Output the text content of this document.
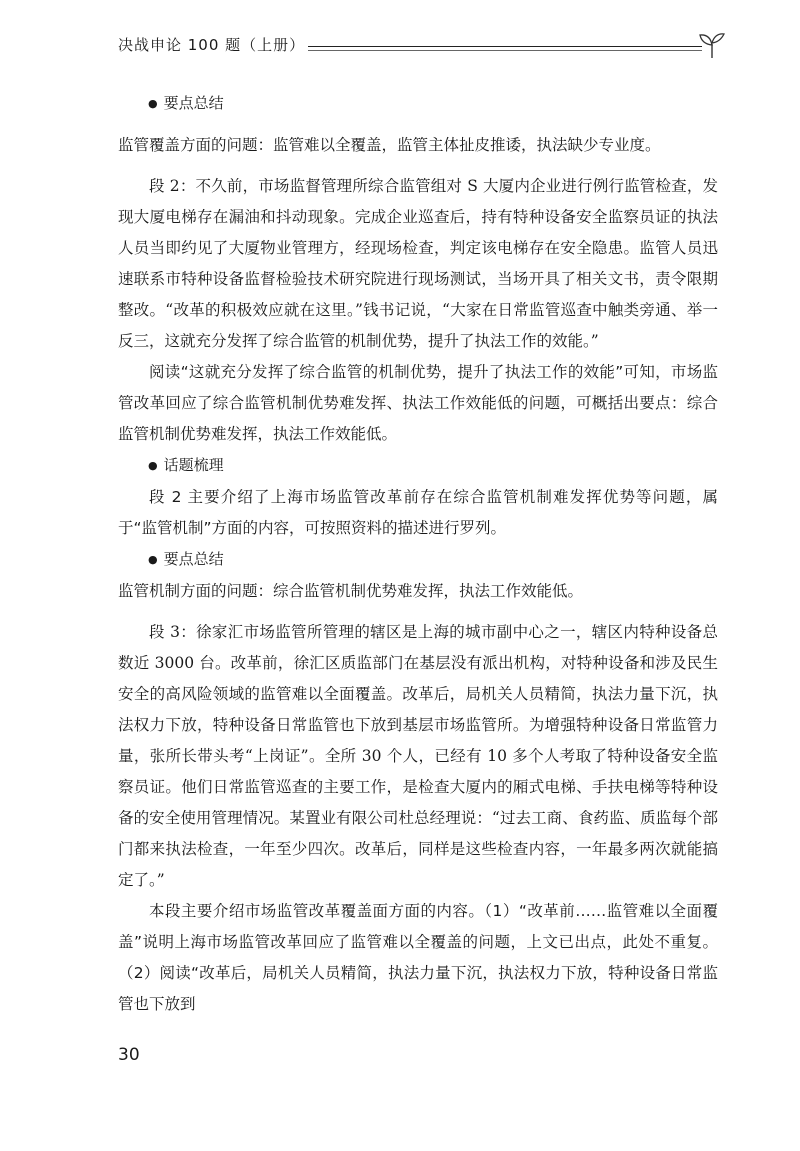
决战申论 100 题（上册）

● 要点总结

监管覆盖方面的问题：监管难以全覆盖，监管主体扯皮推诿，执法缺少专业度。

段 2：不久前，市场监督管理所综合监管组对 S 大厦内企业进行例行监管检查，发现大厦电梯存在漏油和抖动现象。完成企业巡查后，持有特种设备安全监察员证的执法人员当即约见了大厦物业管理方，经现场检查，判定该电梯存在安全隐患。监管人员迅速联系市特种设备监督检验技术研究院进行现场测试，当场开具了相关文书，责令限期整改。“改革的积极效应就在这里。”钱书记说，“大家在日常监管巡查中触类旁通、举一反三，这就充分发挥了综合监管的机制优势，提升了执法工作的效能。”

阅读“这就充分发挥了综合监管的机制优势，提升了执法工作的效能”可知，市场监管改革回应了综合监管机制优势难发挥、执法工作效能低的问题，可概括出要点：综合监管机制优势难发挥，执法工作效能低。

● 话题梳理

段 2 主要介绍了上海市场监管改革前存在综合监管机制难发挥优势等问题，属于“监管机制”方面的内容，可按照资料的描述进行罗列。

● 要点总结

监管机制方面的问题：综合监管机制优势难发挥，执法工作效能低。

段 3：徐家汇市场监管所管理的辖区是上海的城市副中心之一，辖区内特种设备总数近 3000 台。改革前，徐汇区质监部门在基层没有派出机构，对特种设备和涉及民生安全的高风险领域的监管难以全面覆盖。改革后，局机关人员精简，执法力量下沉，执法权力下放，特种设备日常监管也下放到基层市场监管所。为增强特种设备日常监管力量，张所长带头考“上岗证”。全所 30 个人，已经有 10 多个人考取了特种设备安全监察员证。他们日常监管巡查的主要工作，是检查大厦内的厢式电梯、手扶电梯等特种设备的安全使用管理情况。某置业有限公司杜总经理说：“过去工商、食药监、质监每个部门都来执法检查，一年至少四次。改革后，同样是这些检查内容，一年最多两次就能搞定了。”

本段主要介绍市场监管改革覆盖面方面的内容。（1）“改革前……监管难以全面覆盖”说明上海市场监管改革回应了监管难以全覆盖的问题，上文已出点，此处不重复。（2）阅读“改革后，局机关人员精简，执法力量下沉，执法权力下放，特种设备日常监管也下放到

30
